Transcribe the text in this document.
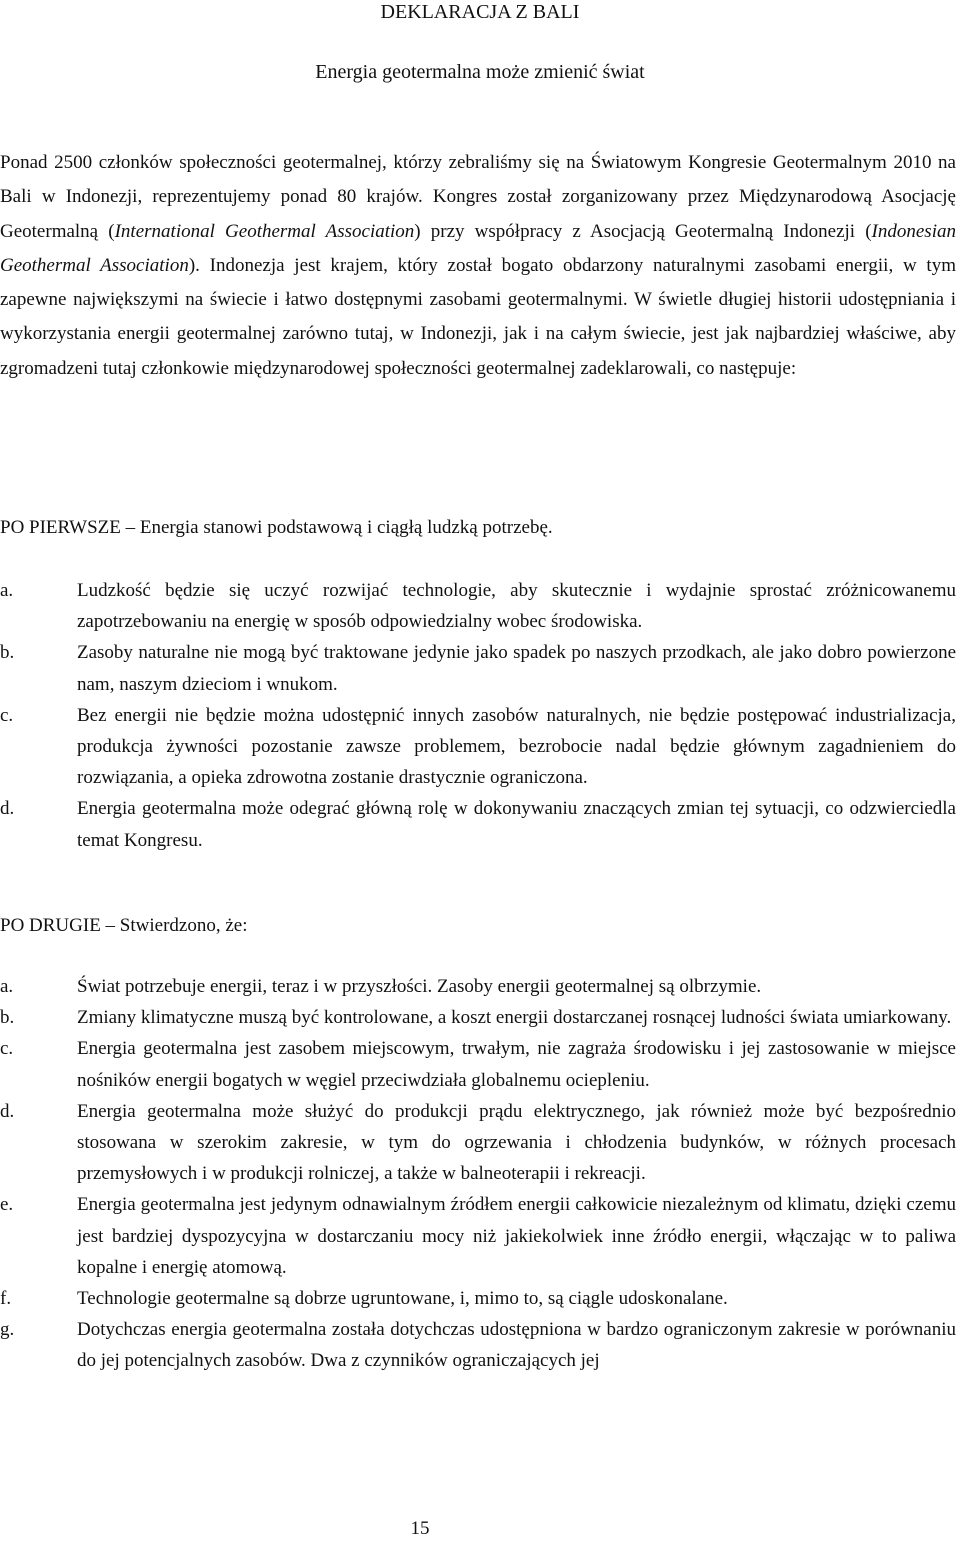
DEKLARACJA Z BALI
Energia geotermalna może zmienić świat

Ponad 2500 członków społeczności geotermalnej, którzy zebraliśmy się na Światowym Kongresie Geotermalnym 2010 na Bali w Indonezji, reprezentujemy ponad 80 krajów. Kongres został zorganizowany przez Międzynarodową Asocjację Geotermalną (International Geothermal Association) przy współpracy z Asocjacją Geotermalną Indonezji (Indonesian Geothermal Association). Indonezja jest krajem, który został bogato obdarzony naturalnymi zasobami energii, w tym zapewne największymi na świecie i łatwo dostępnymi zasobami geotermalnymi. W świetle długiej historii udostępniania i wykorzystania energii geotermalnej zarówno tutaj, w Indonezji, jak i na całym świecie, jest jak najbardziej właściwe, aby zgromadzeni tutaj członkowie międzynarodowej społeczności geotermalnej zadeklarowali, co następuje:

PO PIERWSZE – Energia stanowi podstawową i ciągłą ludzką potrzebę.

a.	Ludzkość będzie się uczyć rozwijać technologie, aby skutecznie i wydajnie sprostać zróżnicowanemu zapotrzebowaniu na energię w sposób odpowiedzialny wobec środowiska.
b.	Zasoby naturalne nie mogą być traktowane jedynie jako spadek po naszych przodkach, ale jako dobro powierzone nam, naszym dzieciom i wnukom.
c.	Bez energii nie będzie można udostępnić innych zasobów naturalnych, nie będzie postępować industrializacja, produkcja żywności pozostanie zawsze problemem, bezrobocie nadal będzie głównym zagadnieniem do rozwiązania, a opieka zdrowotna zostanie drastycznie ograniczona.
d.	Energia geotermalna może odegrać główną rolę w dokonywaniu znaczących zmian tej sytuacji, co odzwierciedla temat Kongresu.

PO DRUGIE – Stwierdzono, że:

a.	Świat potrzebuje energii, teraz i w przyszłości. Zasoby energii geotermalnej są olbrzymie.
b.	Zmiany klimatyczne muszą być kontrolowane, a koszt energii dostarczanej rosnącej ludności świata umiarkowany.
c.	Energia geotermalna jest zasobem miejscowym, trwałym, nie zagraża środowisku i jej zastosowanie w miejsce nośników energii bogatych w węgiel przeciwdziała globalnemu ociepleniu.
d.	Energia geotermalna może służyć do produkcji prądu elektrycznego, jak również może być bezpośrednio stosowana w szerokim zakresie, w tym do ogrzewania i chłodzenia budynków, w różnych procesach przemysłowych i w produkcji rolniczej, a także w balneoterapii i rekreacji.
e.	Energia geotermalna jest jedynym odnawialnym źródłem energii całkowicie niezależnym od klimatu, dzięki czemu jest bardziej dyspozycyjna w dostarczaniu mocy niż jakiekolwiek inne źródło energii, włączając w to paliwa kopalne i energię atomową.
f.	Technologie geotermalne są dobrze ugruntowane, i, mimo to, są ciągle udoskonalane.
g.	Dotychczas energia geotermalna została dotychczas udostępniona w bardzo ograniczonym zakresie w porównaniu do jej potencjalnych zasobów. Dwa z czynników ograniczających jej
15
